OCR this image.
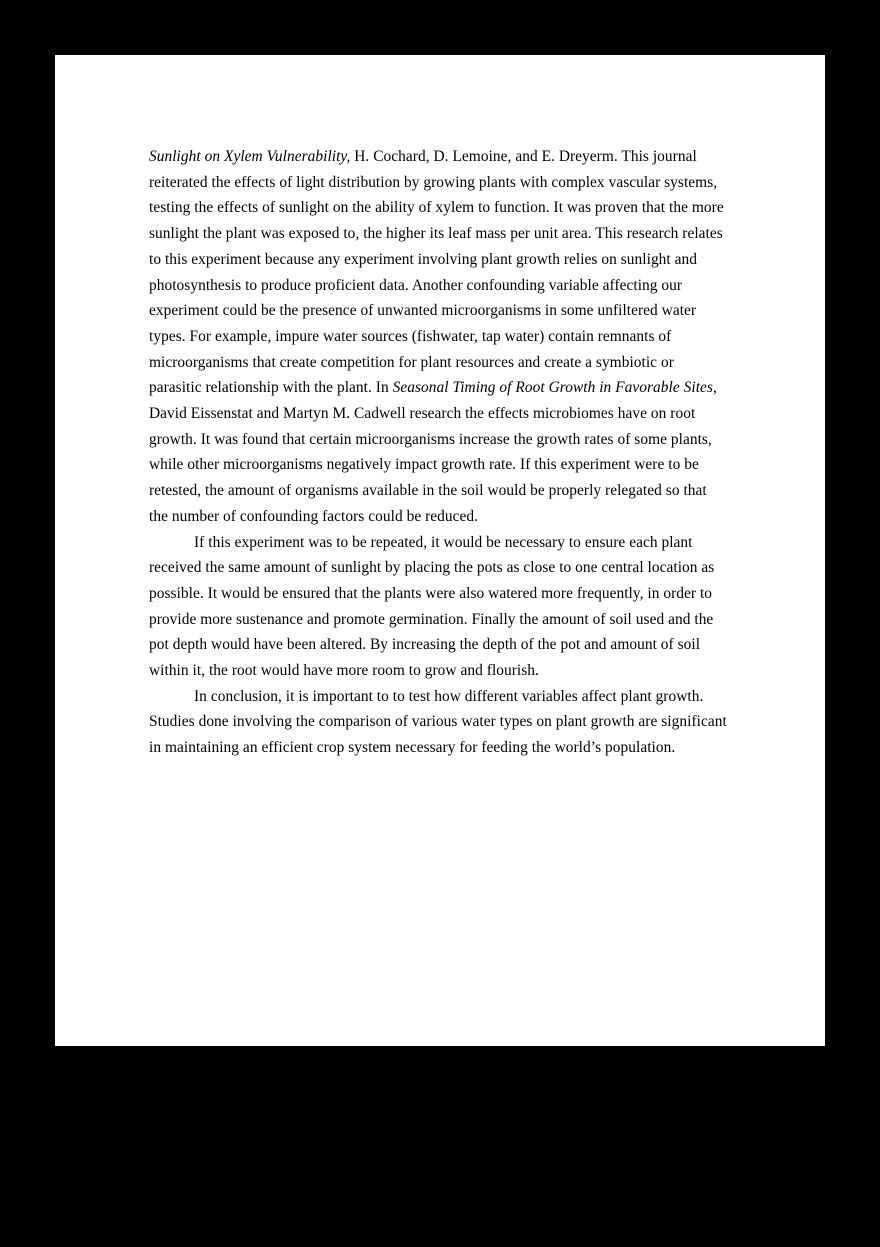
Sunlight on Xylem Vulnerability, H. Cochard, D. Lemoine, and E. Dreyerm. This journal reiterated the effects of light distribution by growing plants with complex vascular systems, testing the effects of sunlight on the ability of xylem to function. It was proven that the more sunlight the plant was exposed to, the higher its leaf mass per unit area. This research relates to this experiment because any experiment involving plant growth relies on sunlight and photosynthesis to produce proficient data. Another confounding variable affecting our experiment could be the presence of unwanted microorganisms in some unfiltered water types. For example, impure water sources (fishwater, tap water) contain remnants of microorganisms that create competition for plant resources and create a symbiotic or parasitic relationship with the plant. In Seasonal Timing of Root Growth in Favorable Sites, David Eissenstat and Martyn M. Cadwell research the effects microbiomes have on root growth. It was found that certain microorganisms increase the growth rates of some plants, while other microorganisms negatively impact growth rate. If this experiment were to be retested, the amount of organisms available in the soil would be properly relegated so that the number of confounding factors could be reduced.

If this experiment was to be repeated, it would be necessary to ensure each plant received the same amount of sunlight by placing the pots as close to one central location as possible. It would be ensured that the plants were also watered more frequently, in order to provide more sustenance and promote germination. Finally the amount of soil used and the pot depth would have been altered. By increasing the depth of the pot and amount of soil within it, the root would have more room to grow and flourish.

In conclusion, it is important to to test how different variables affect plant growth. Studies done involving the comparison of various water types on plant growth are significant in maintaining an efficient crop system necessary for feeding the world’s population.
